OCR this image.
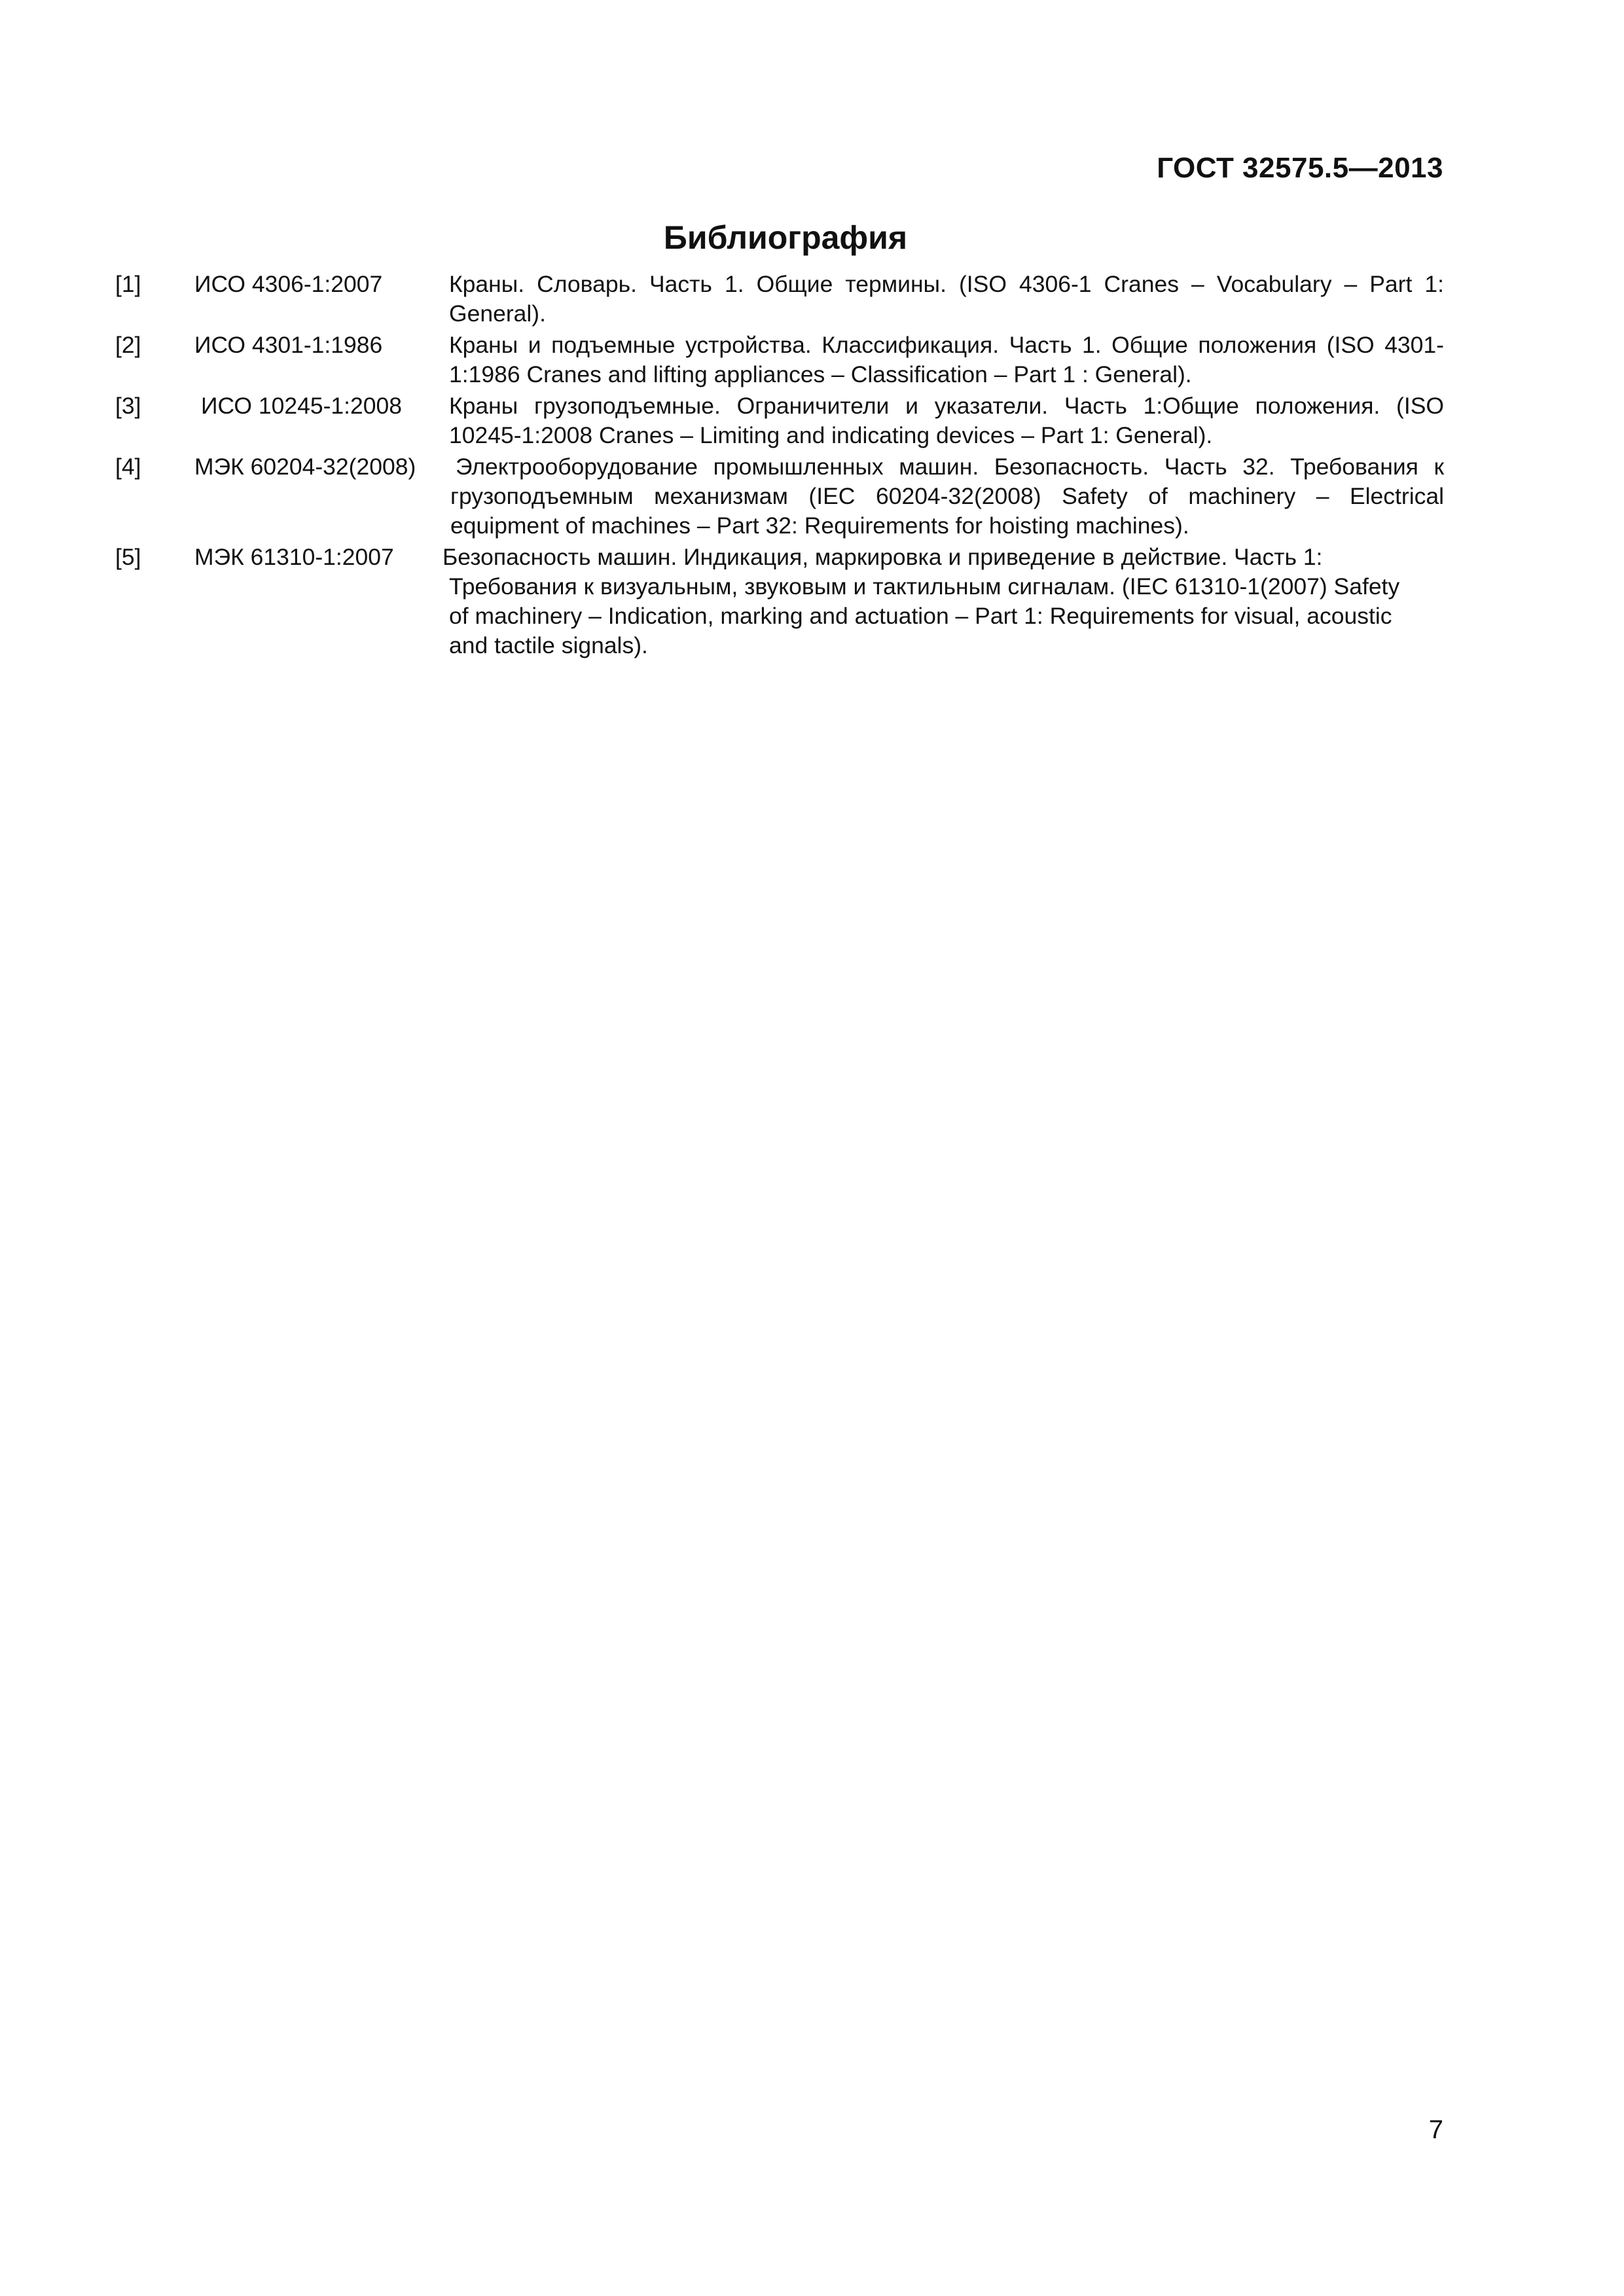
ГОСТ 32575.5—2013
Библиография
[1] ИСО 4306-1:2007	Краны. Словарь. Часть 1. Общие термины. (ISO 4306-1 Cranes – Vocabulary – Part 1: General).
[2] ИСО 4301-1:1986	Краны и подъемные устройства. Классификация. Часть 1. Общие положения (ISO 4301-1:1986 Cranes and lifting appliances – Classification – Part 1 : General).
[3]	ИСО 10245-1:2008 Краны грузоподъемные. Ограничители и указатели. Часть 1:Общие положения. (ISO 10245-1:2008 Cranes – Limiting and indicating devices – Part 1: General).
[4] МЭК 60204-32(2008) Электрооборудование промышленных машин. Безопасность. Часть 32. Требования к грузоподъемным механизмам (IEC 60204-32(2008) Safety of machinery – Electrical equipment of machines – Part 32: Requirements for hoisting machines).
[5] МЭК 61310-1:2007 Безопасность машин. Индикация, маркировка и приведение в действие. Часть 1: Требования к визуальным, звуковым и тактильным сигналам. (IEC 61310-1(2007) Safety of machinery – Indication, marking and actuation – Part 1: Requirements for visual, acoustic and tactile signals).
7
